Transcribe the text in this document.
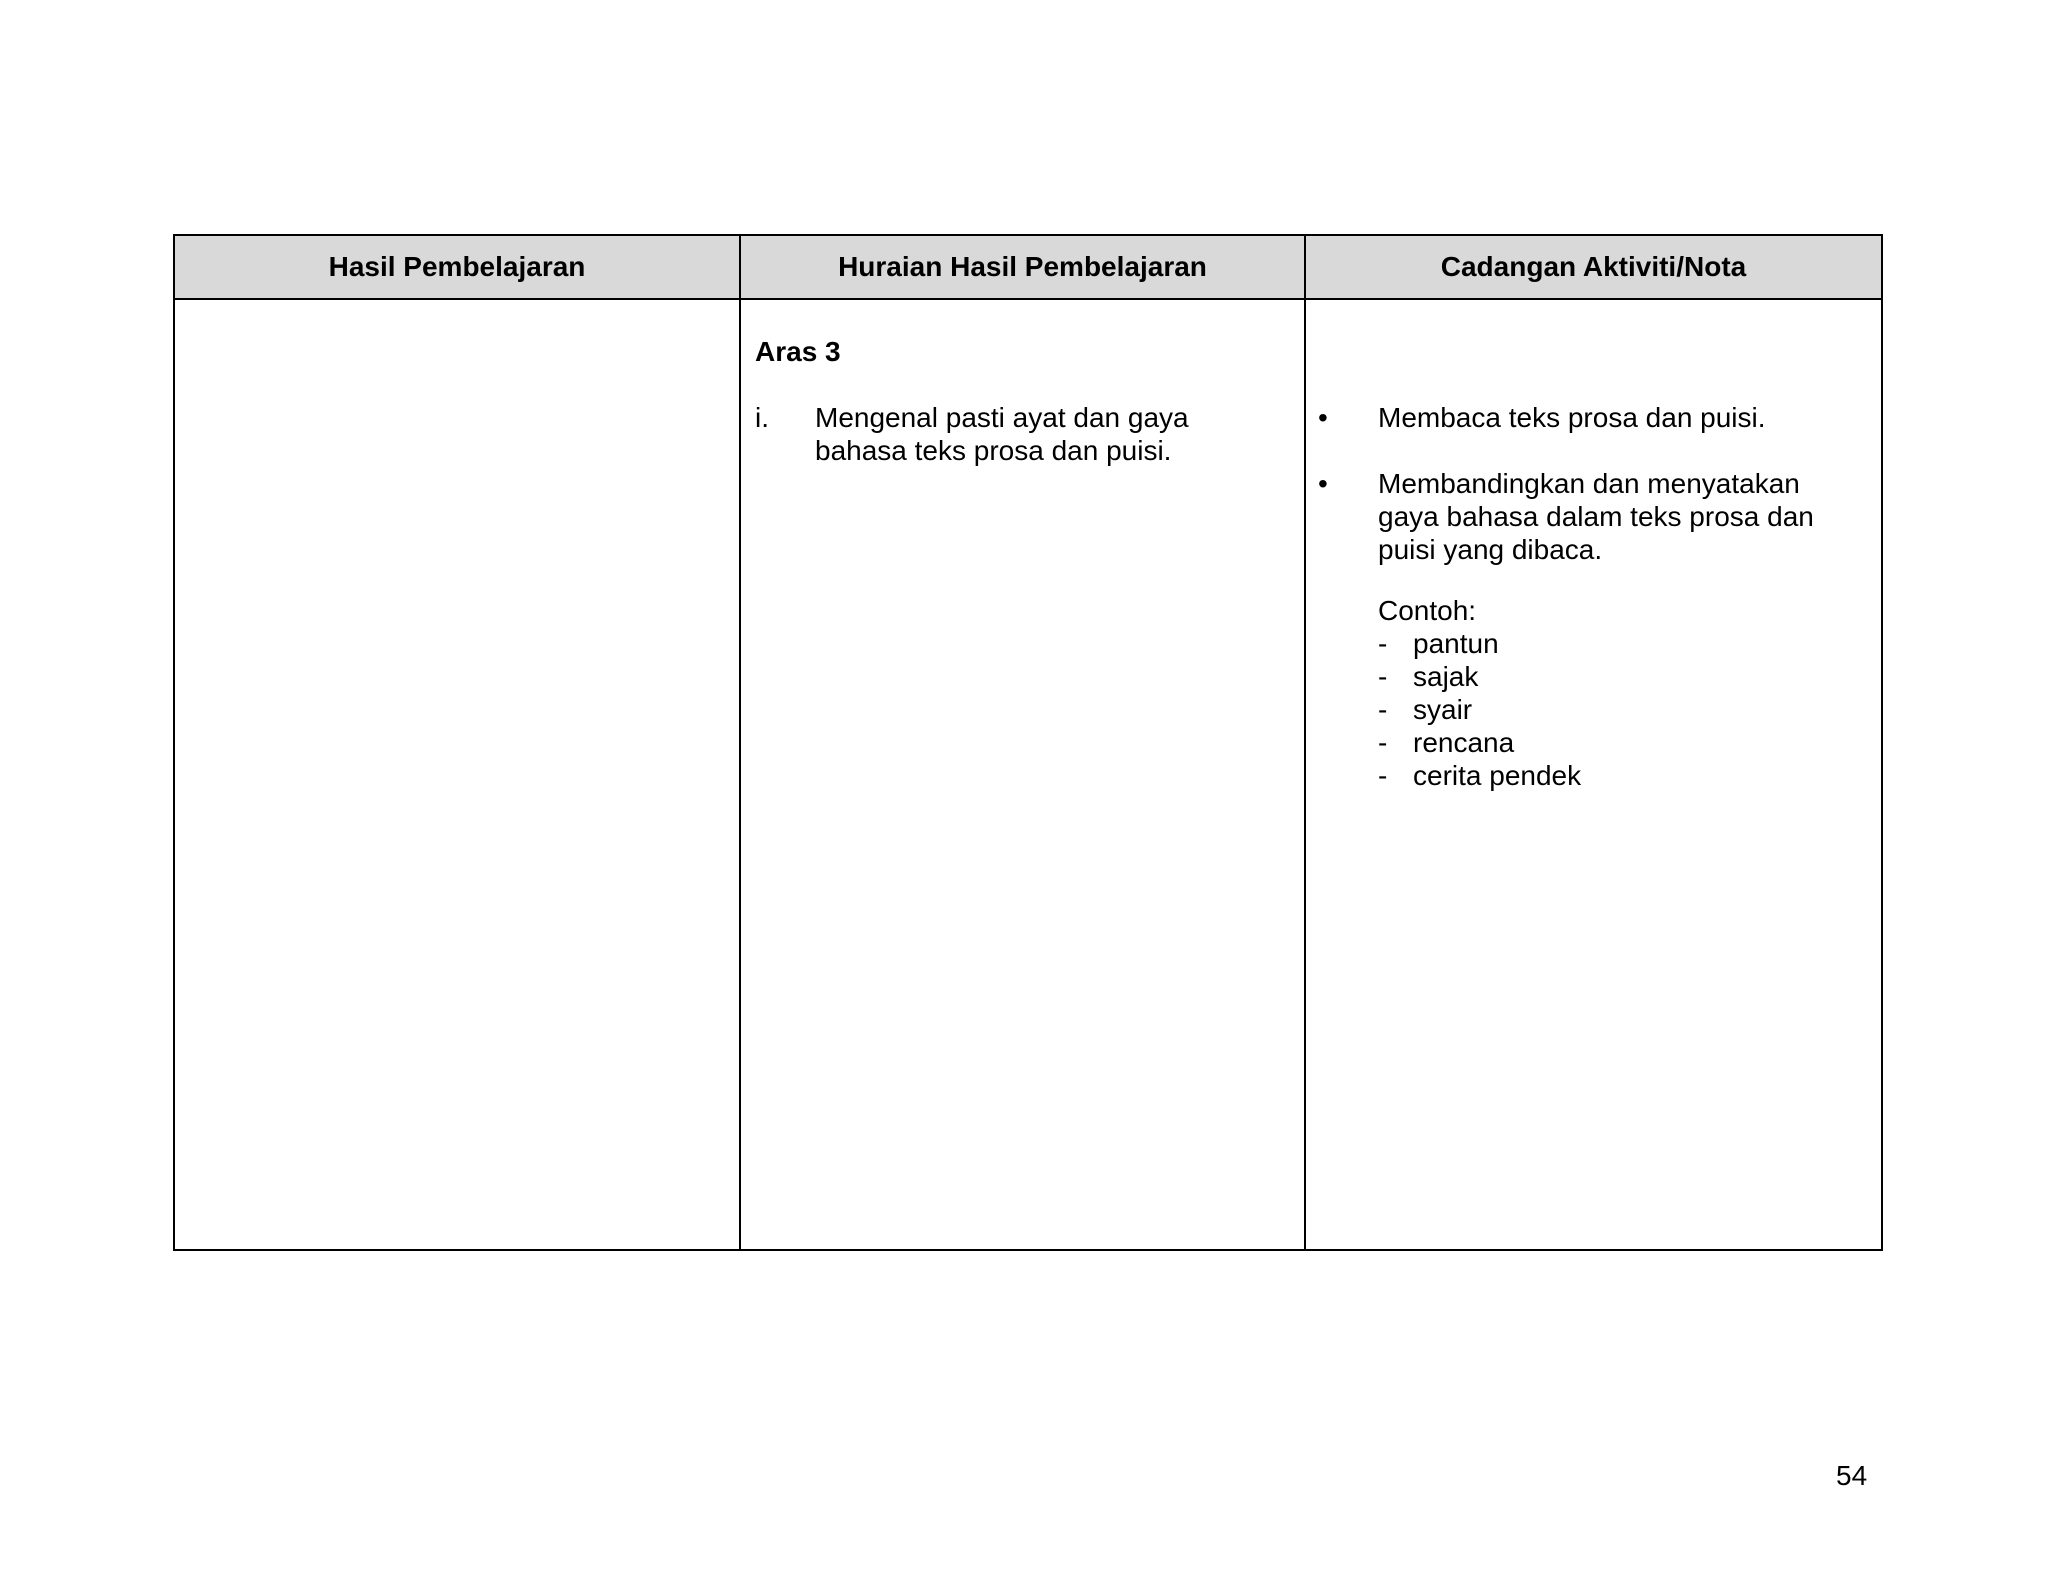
Hasil Pembelajaran	Huraian Hasil Pembelajaran	Cadangan Aktiviti/Nota
Aras 3
i. Mengenal pasti ayat dan gaya bahasa teks prosa dan puisi.
• Membaca teks prosa dan puisi.
• Membandingkan dan menyatakan gaya bahasa dalam teks prosa dan puisi yang dibaca.
Contoh:
- pantun
- sajak
- syair
- rencana
- cerita pendek
54
